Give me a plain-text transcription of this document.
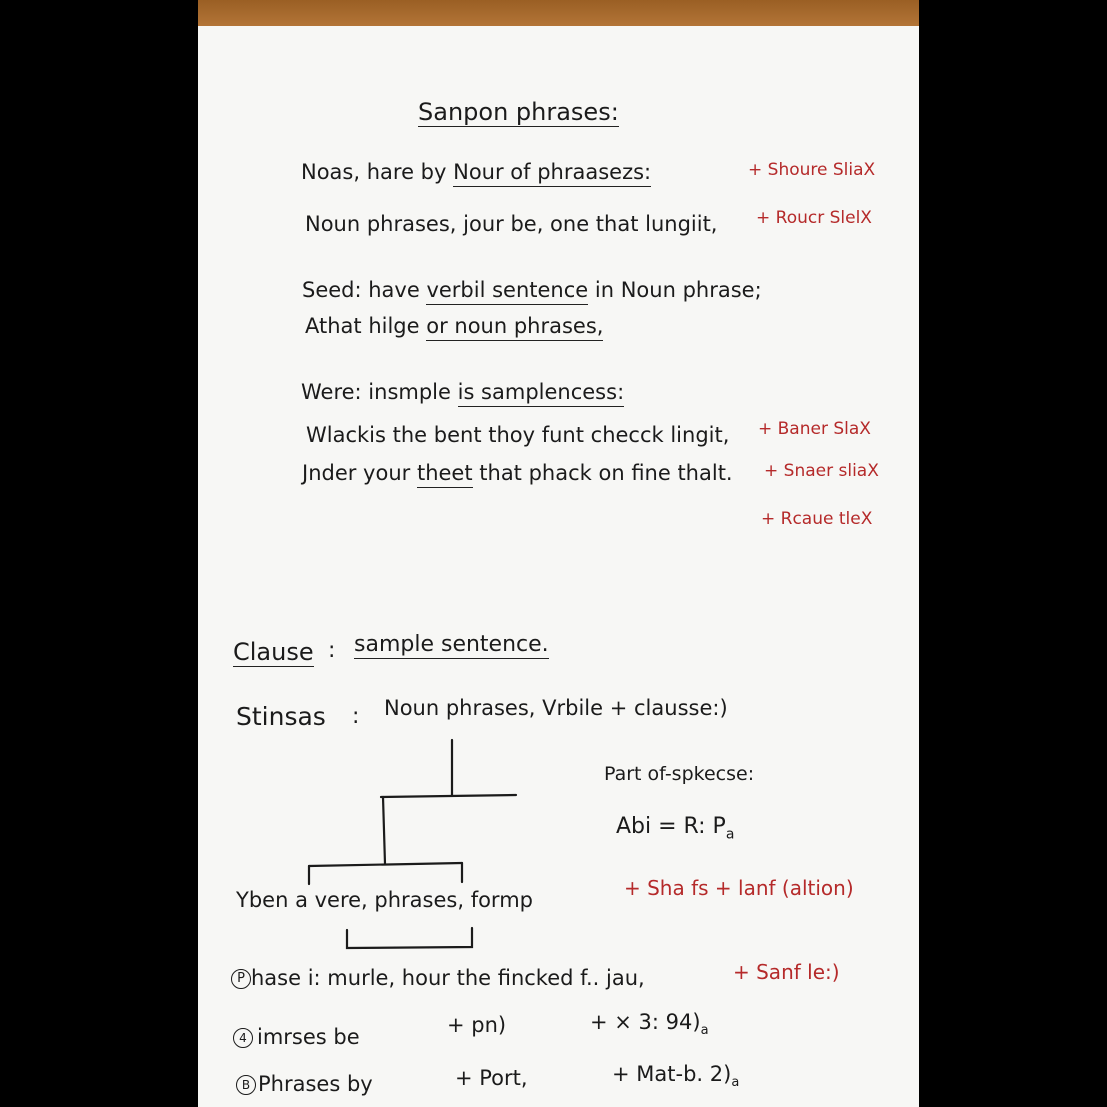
Sanpon phrases:
Noas, hare by Nour of phraasezs:	+ Shoure SliaX
Noun phrases, jour be, one that lungiit, + Roucr SlelX
Seed: have verbil sentence in Noun phrase;
Athat hilge or noun phrases,
Were: insmple is samplencess:
Wlackis the bent thoy funt checck lingit, + Baner SlaX
Jnder your theet that phack on fine thalt. + Snaer sliaX
+ Rcaue tleX
Clause : sample sentence.
Stinsas : Noun phrases, Vrbile + clausse:)
Part of-spkecse:
Abi = R: $P_a$
Yben a vere, phrases, formp	+ Sha fs + lanf (altion)
P hase i: murle, hour the fincked f.. jau,	+ Sanf le:)
4 imrses be	+ pn)	+ × 3: $94)_a$
B Phrases by	+ Port,	+ Mat-b. $2)_a$
